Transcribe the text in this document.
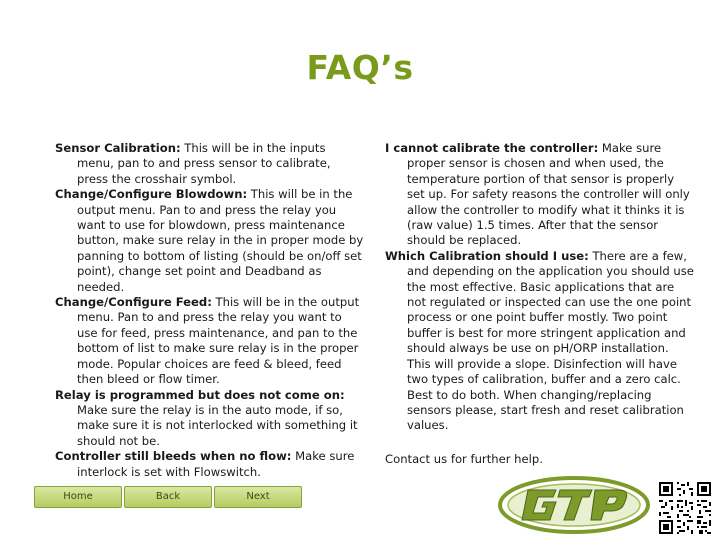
FAQ’s

Sensor Calibration: This will be in the inputs menu, pan to and press sensor to calibrate, press the crosshair symbol.

Change/Configure Blowdown: This will be in the output menu. Pan to and press the relay you want to use for blowdown, press maintenance button, make sure relay in the in proper mode by panning to bottom of listing (should be on/off set point), change set point and Deadband as needed.

Change/Configure Feed: This will be in the output menu. Pan to and press the relay you want to use for feed, press maintenance, and pan to the bottom of list to make sure relay is in the proper mode. Popular choices are feed & bleed, feed then bleed or flow timer.

Relay is programmed but does not come on: Make sure the relay is in the auto mode, if so, make sure it is not interlocked with something it should not be.

Controller still bleeds when no flow: Make sure interlock is set with Flowswitch.

I cannot calibrate the controller: Make sure proper sensor is chosen and when used, the temperature portion of that sensor is properly set up. For safety reasons the controller will only allow the controller to modify what it thinks it is (raw value) 1.5 times. After that the sensor should be replaced.

Which Calibration should I use: There are a few, and depending on the application you should use the most effective. Basic applications that are not regulated or inspected can use the one point process or one point buffer mostly. Two point buffer is best for more stringent application and should always be use on pH/ORP installation. This will provide a slope. Disinfection will have two types of calibration, buffer and a zero calc. Best to do both. When changing/replacing sensors please, start fresh and reset calibration values.

Contact us for further help.

Home	Back	Next
